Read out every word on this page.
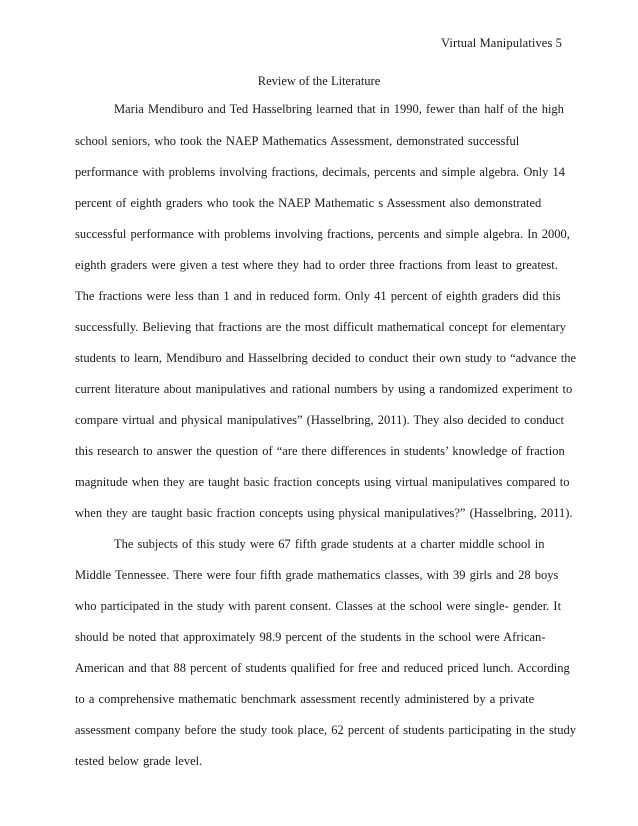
Virtual Manipulatives 5
Review of the Literature
Maria Mendiburo and Ted Hasselbring learned that in 1990, fewer than half of the high
school seniors, who took the NAEP Mathematics Assessment, demonstrated successful
performance with problems involving fractions, decimals, percents and simple algebra. Only 14
percent of eighth graders who took the NAEP Mathematic s Assessment also demonstrated
successful performance with problems involving fractions, percents and simple algebra. In 2000,
eighth graders were given a test where they had to order three fractions from least to greatest.
The fractions were less than 1 and in reduced form. Only 41 percent of eighth graders did this
successfully. Believing that fractions are the most difficult mathematical concept for elementary
students to learn, Mendiburo and Hasselbring decided to conduct their own study to “advance the
current literature about manipulatives and rational numbers by using a randomized experiment to
compare virtual and physical manipulatives” (Hasselbring, 2011). They also decided to conduct
this research to answer the question of “are there differences in students’ knowledge of fraction
magnitude when they are taught basic fraction concepts using virtual manipulatives compared to
when they are taught basic fraction concepts using physical manipulatives?” (Hasselbring, 2011).
The subjects of this study were 67 fifth grade students at a charter middle school in
Middle Tennessee. There were four fifth grade mathematics classes, with 39 girls and 28 boys
who participated in the study with parent consent. Classes at the school were single- gender. It
should be noted that approximately 98.9 percent of the students in the school were African-
American and that 88 percent of students qualified for free and reduced priced lunch. According
to a comprehensive mathematic benchmark assessment recently administered by a private
assessment company before the study took place, 62 percent of students participating in the study
tested below grade level.
